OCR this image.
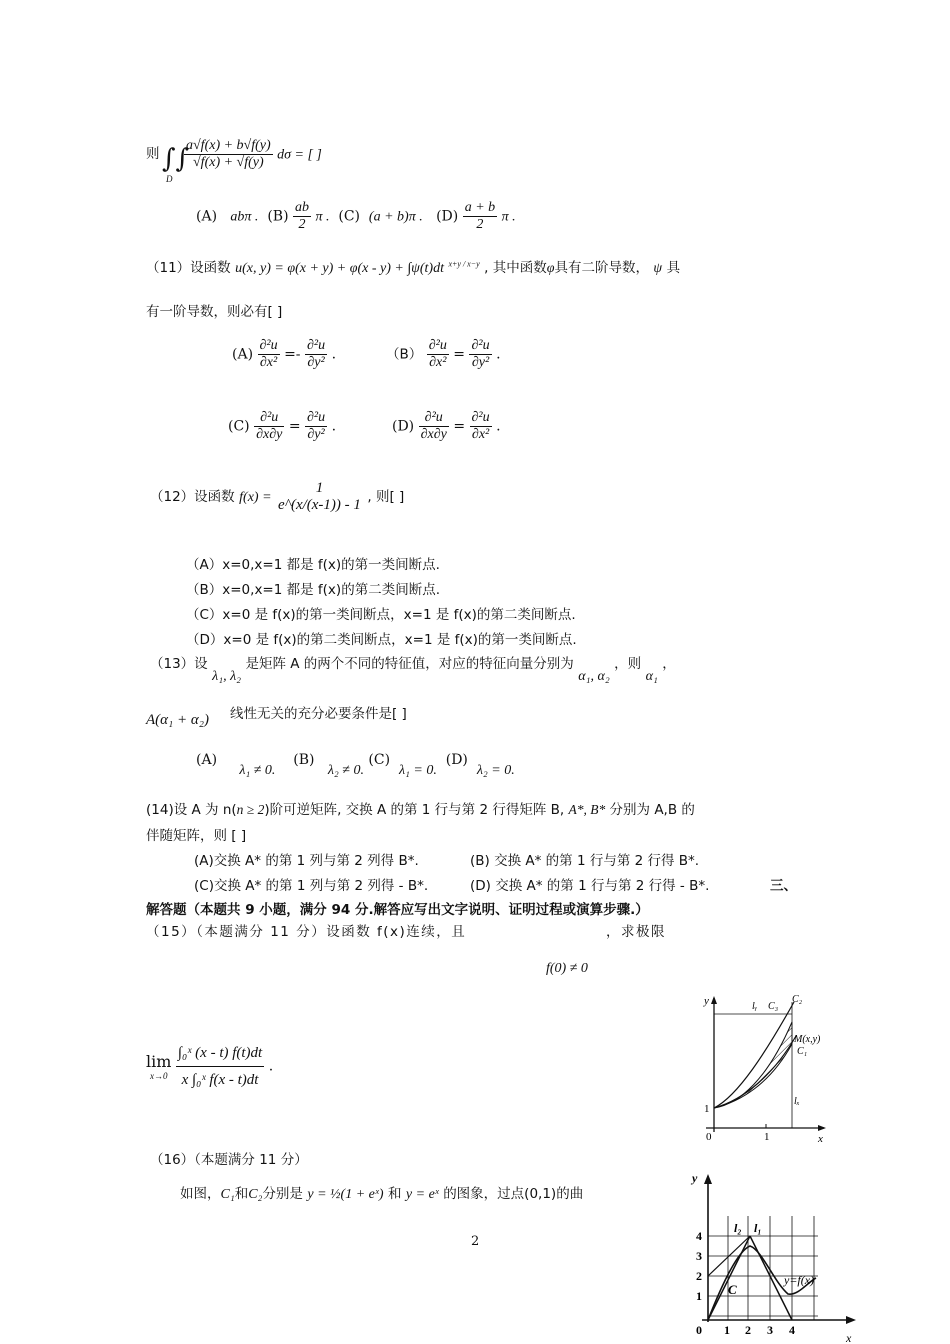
则 ∫∫
D
$\frac{a√f(x) + b√f(y)}{√f(x) + √f(y)}$ dσ = [ ]
(A) abπ . $(B) \frac{ab}{2}$ π . (C) (a + b)π . $(D) \frac{a + b}{2}$ π .
（11）设函数 u(x, y) = φ(x + y) + φ(x - y) + ∫ψ(t)dt $^{x+y / x-y}$ , 其中函数φ具有二阶导数， ψ 具
有一阶导数，则必有[ ]
$(A) \frac{\text{∂²u}}{\text{∂x²}} =- \frac{\text{∂²u}}{\text{∂y²}}$ .	$(B) \frac{\text{∂²u}}{\text{∂x²}} = \frac{\text{∂²u}}{\text{∂y²}}$ .
$(C) \frac{\text{∂²u}}{\partial x\partial y} = \frac{\text{∂²u}}{\text{∂y²}}$ .	$(D) \frac{\text{∂²u}}{\partial x\partial y} = \frac{\text{∂²u}}{\text{∂x²}}$ .
（12）设函数 f(x) =
1
e^(x/(x-1)) - 1 , 则[ ]
（A）x=0,x=1 都是 f(x)的第一类间断点.
（B）x=0,x=1 都是 f(x)的第二类间断点.
（C）x=0 是 f(x)的第一类间断点，x=1 是 f(x)的第二类间断点.
（D）x=0 是 f(x)的第二类间断点，x=1 是 f(x)的第一类间断点.
（13）设 λ₁, λ₂ 是矩阵 A 的两个不同的特征值，对应的特征向量分别为 α₁, α₂ ，则 α₁ ，
A(α₁ + α₂) 线性无关的充分必要条件是[ ]
(A)     λ₁ ≠ 0.    (B)   λ₂ ≠ 0. (C)  λ₁ = 0.  (D)  λ₂ = 0.
(14)设 A 为 n(n ≥ 2)阶可逆矩阵, 交换 A 的第 1 行与第 2 行得矩阵 B, A*, B* 分别为 A,B 的
伴随矩阵，则 [ ]
(A)交换 A* 的第 1 列与第 2 列得 B*.	(B) 交换 A* 的第 1 行与第 2 行得 B*.
(C)交换 A* 的第 1 列与第 2 列得 - B*.	(D) 交换 A* 的第 1 行与第 2 行得 - B*.	三、
解答题（本题共 9 小题，满分 94 分.解答应写出文字说明、证明过程或演算步骤.）
（15）（本题满分 11 分）设函数 f(x)连续，且	，求极限
f(0) ≠ 0
lim
x→0
$\frac{\text{∫₀ˣ (x - t) f(t)dt}}{\text{x ∫₀ˣ f(x - t)dt}}$ .
y
x
0	1
1
lᵧ C₃
C₂
M(x,y)
C₁
lₓ
（16）（本题满分 11 分）
如图，C₁和C₂分别是 y = ½(1 + eˣ) 和 y = eˣ 的图象，过点(0,1)的曲
y
x
0
1
2
3
4
1 2 3 4
l₂ l₁
C
y=f(x)
2
